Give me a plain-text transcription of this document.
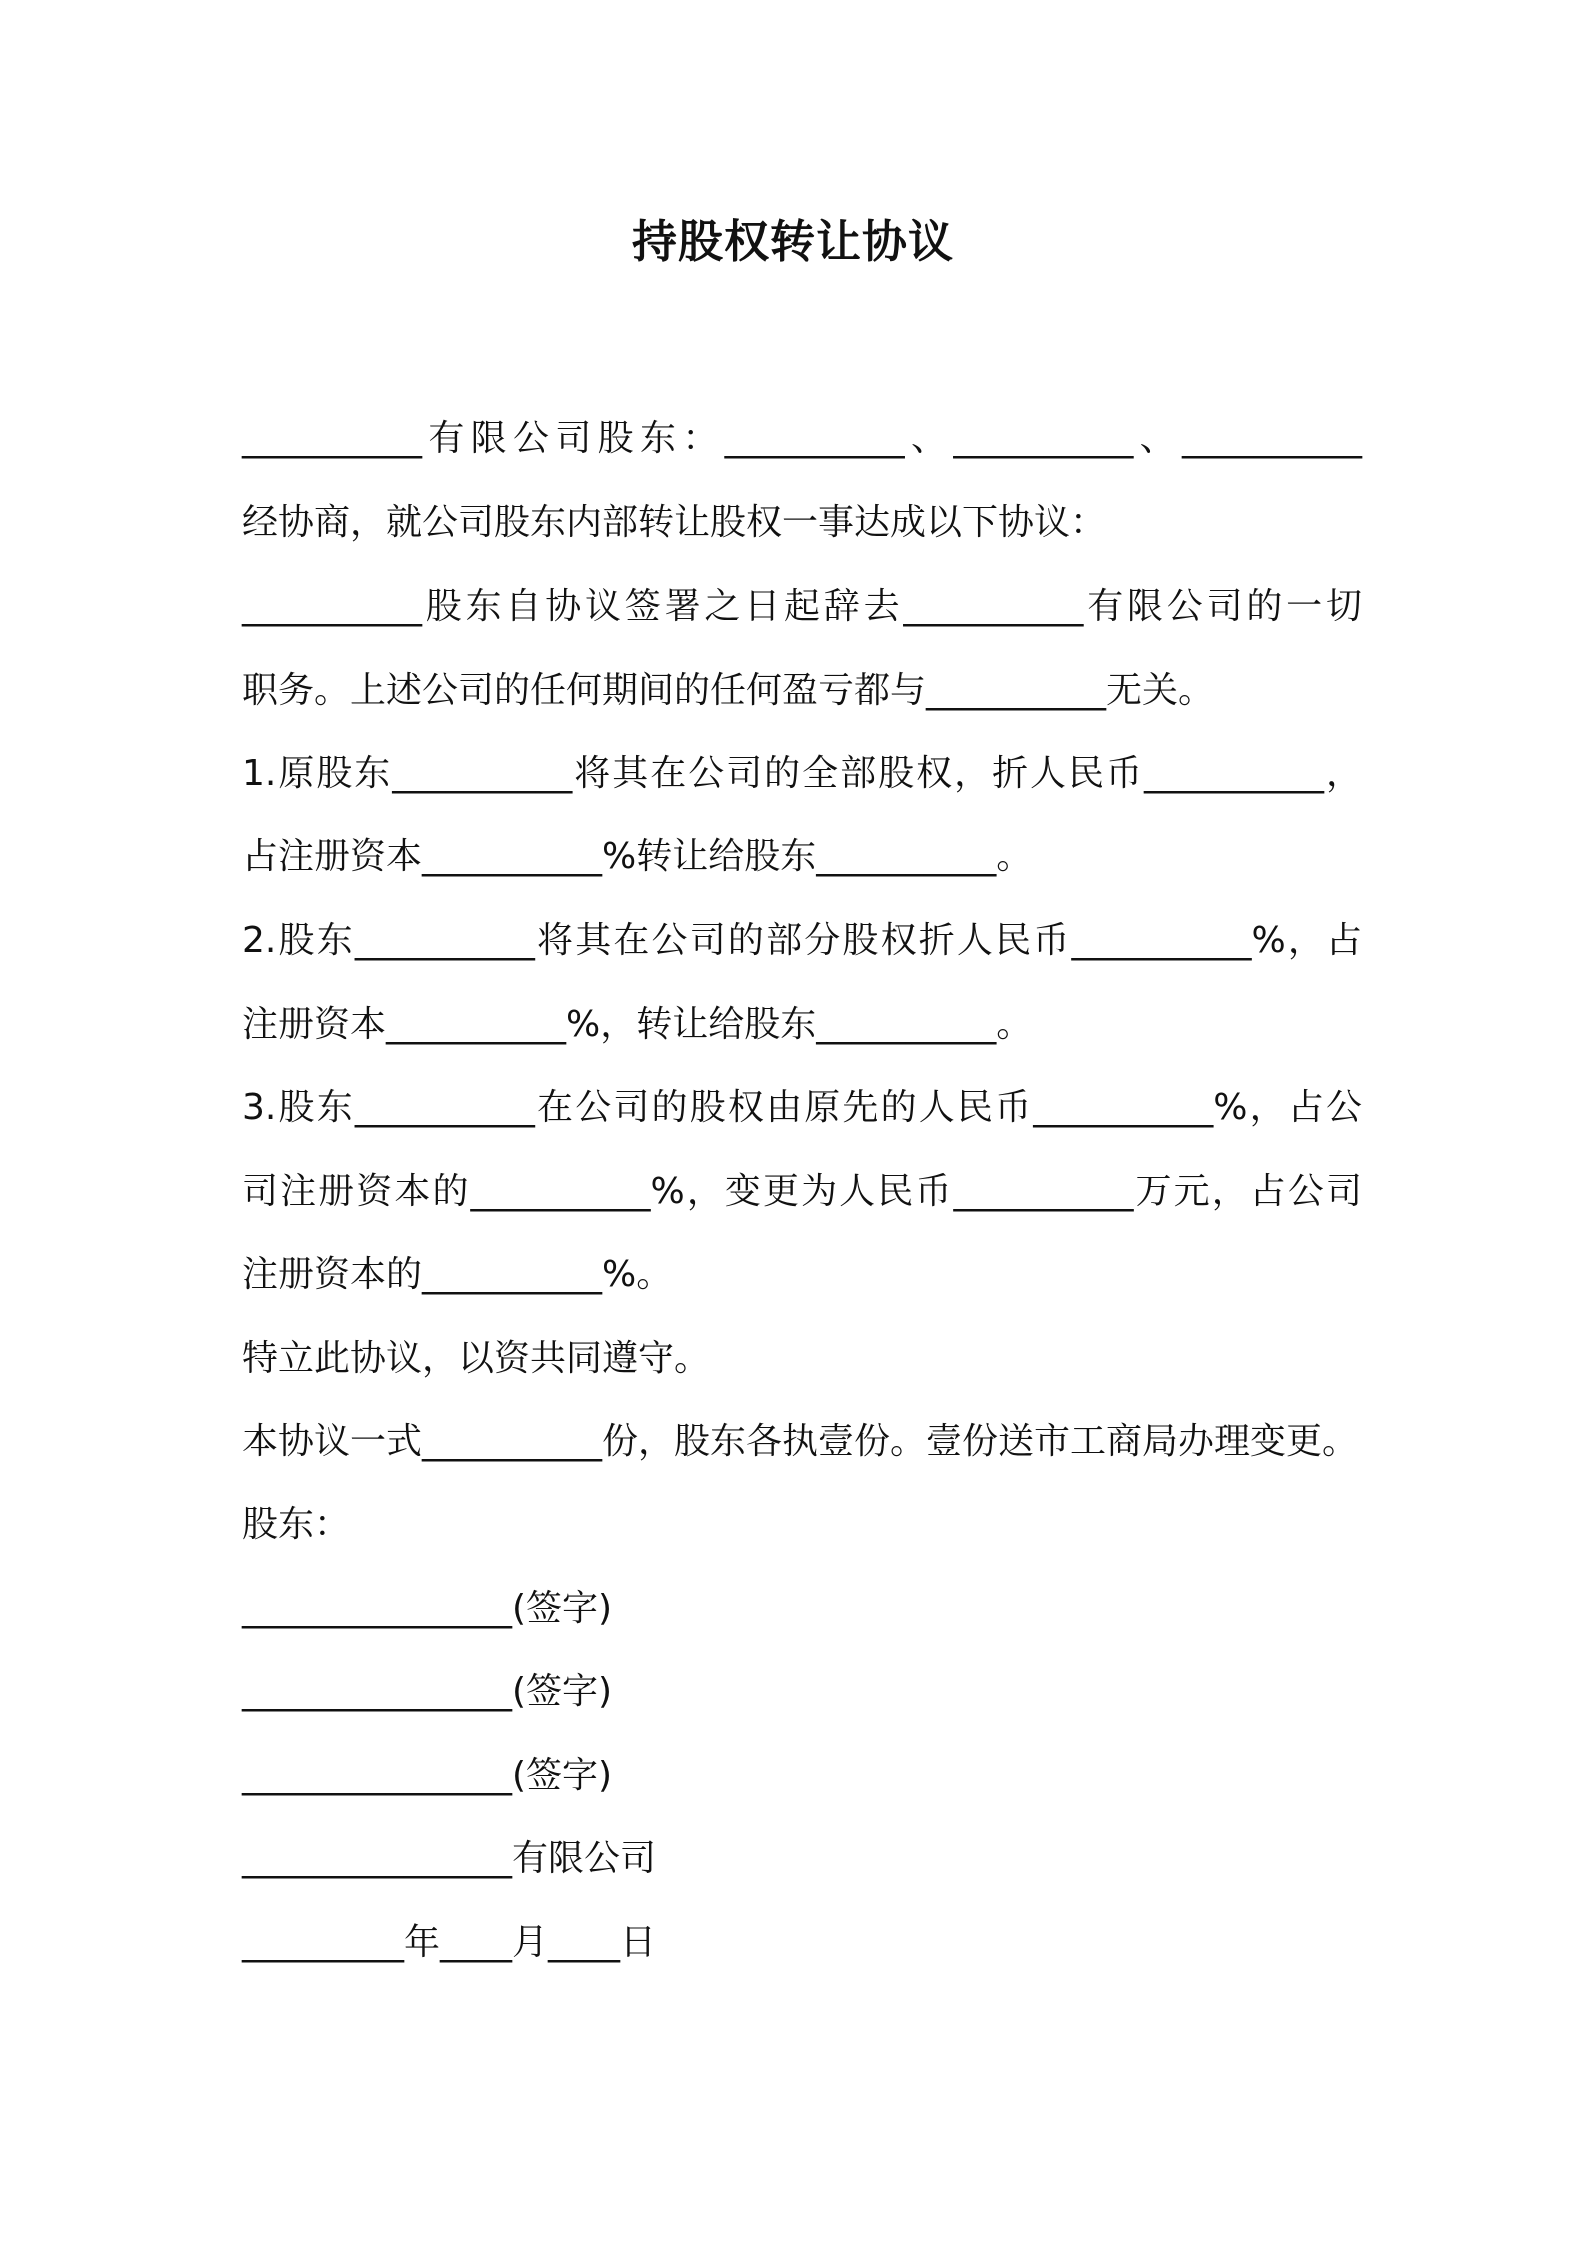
持股权转让协议
__________有限公司股东：__________、__________、__________
经协商，就公司股东内部转让股权一事达成以下协议：
__________股东自协议签署之日起辞去__________有限公司的一切
职务。上述公司的任何期间的任何盈亏都与__________无关。
1.原股东__________将其在公司的全部股权，折人民币__________，
占注册资本__________%转让给股东__________。
2.股东__________将其在公司的部分股权折人民币__________%，占
注册资本__________%，转让给股东__________。
3.股东__________在公司的股权由原先的人民币__________%，占公
司注册资本的__________%，变更为人民币__________万元，占公司
注册资本的__________%。
特立此协议，以资共同遵守。
本协议一式__________份，股东各执壹份。壹份送市工商局办理变更。
股东：
_______________(签字)
_______________(签字)
_______________(签字)
_______________有限公司
_________年____月____日
